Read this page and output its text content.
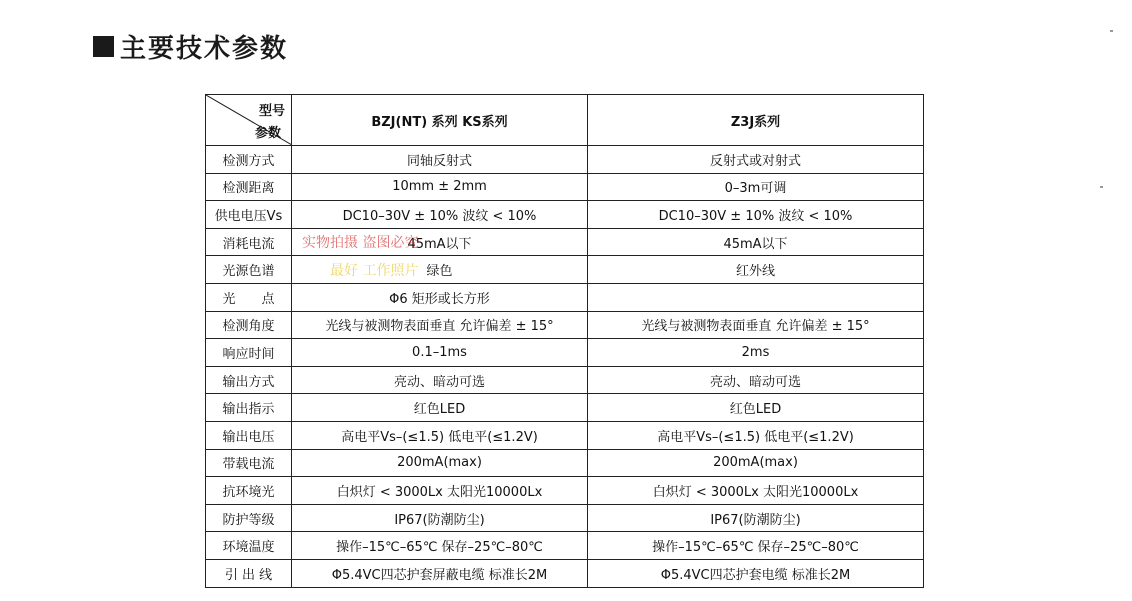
主要技术参数
型号
参数	BZJ(NT) 系列 KS系列	Z3J系列
检测方式	同轴反射式	反射式或对射式
检测距离	10mm ± 2mm	0–3m可调
供电电压Vs	DC10–30V ± 10% 波纹 < 10%	DC10–30V ± 10% 波纹 < 10%
消耗电流	45mA以下	45mA以下
光源色谱	绿色	红外线
光　　点	Φ6 矩形或长方形	
检测角度	光线与被测物表面垂直 允许偏差 ± 15°	光线与被测物表面垂直 允许偏差 ± 15°
响应时间	0.1–1ms	2ms
输出方式	亮动、暗动可选	亮动、暗动可选
输出指示	红色LED	红色LED
输出电压	高电平Vs–(≤1.5) 低电平(≤1.2V)	高电平Vs–(≤1.5) 低电平(≤1.2V)
带载电流	200mA(max)	200mA(max)
抗环境光	白炽灯 < 3000Lx 太阳光10000Lx	白炽灯 < 3000Lx 太阳光10000Lx
防护等级	IP67(防潮防尘)	IP67(防潮防尘)
环境温度	操作–15℃–65℃ 保存–25℃–80℃	操作–15℃–65℃ 保存–25℃–80℃
引 出 线	Φ5.4VC四芯护套屏蔽电缆 标准长2M	Φ5.4VC四芯护套电缆 标准长2M
实物拍摄 盗图必究
最好 工作照片
